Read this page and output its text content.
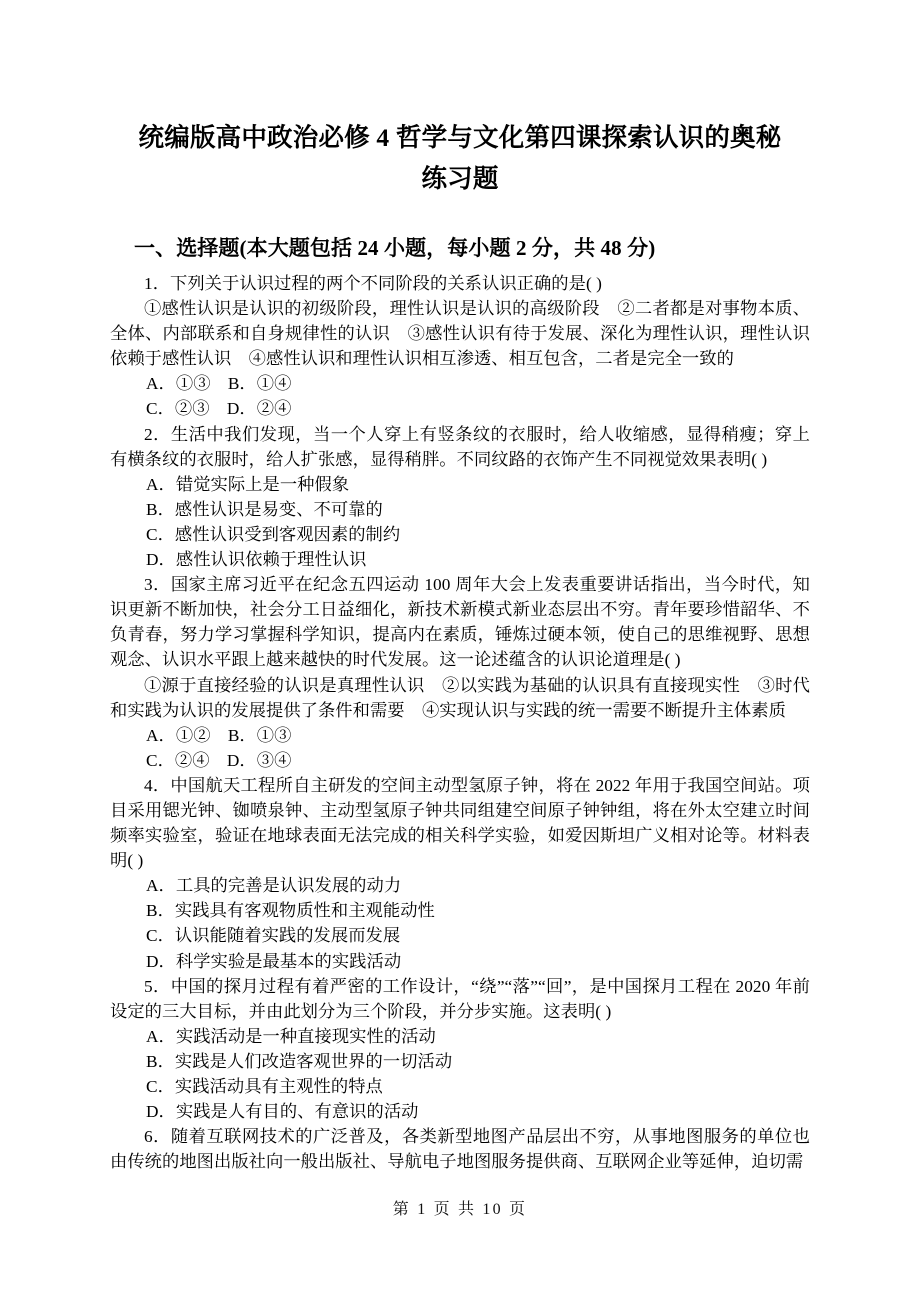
统编版高中政治必修 4 哲学与文化第四课探索认识的奥秘练习题
一、选择题(本大题包括 24 小题，每小题 2 分，共 48 分)

1．下列关于认识过程的两个不同阶段的关系认识正确的是( )

①感性认识是认识的初级阶段，理性认识是认识的高级阶段　②二者都是对事物本质、全体、内部联系和自身规律性的认识　③感性认识有待于发展、深化为理性认识，理性认识依赖于感性认识　④感性认识和理性认识相互渗透、相互包含，二者是完全一致的

A．①③　B．①④

C．②③　D．②④

2．生活中我们发现，当一个人穿上有竖条纹的衣服时，给人收缩感，显得稍瘦；穿上有横条纹的衣服时，给人扩张感，显得稍胖。不同纹路的衣饰产生不同视觉效果表明( )

A．错觉实际上是一种假象

B．感性认识是易变、不可靠的

C．感性认识受到客观因素的制约

D．感性认识依赖于理性认识

3．国家主席习近平在纪念五四运动 100 周年大会上发表重要讲话指出，当今时代，知识更新不断加快，社会分工日益细化，新技术新模式新业态层出不穷。青年要珍惜韶华、不负青春，努力学习掌握科学知识，提高内在素质，锤炼过硬本领，使自己的思维视野、思想观念、认识水平跟上越来越快的时代发展。这一论述蕴含的认识论道理是( )

①源于直接经验的认识是真理性认识　②以实践为基础的认识具有直接现实性　③时代和实践为认识的发展提供了条件和需要　④实现认识与实践的统一需要不断提升主体素质

A．①②　B．①③

C．②④　D．③④

4．中国航天工程所自主研发的空间主动型氢原子钟，将在 2022 年用于我国空间站。项目采用锶光钟、铷喷泉钟、主动型氢原子钟共同组建空间原子钟钟组，将在外太空建立时间频率实验室，验证在地球表面无法完成的相关科学实验，如爱因斯坦广义相对论等。材料表明( )

A．工具的完善是认识发展的动力

B．实践具有客观物质性和主观能动性

C．认识能随着实践的发展而发展

D．科学实验是最基本的实践活动

5．中国的探月过程有着严密的工作设计，“绕”“落”“回”，是中国探月工程在 2020 年前设定的三大目标，并由此划分为三个阶段，并分步实施。这表明( )

A．实践活动是一种直接现实性的活动

B．实践是人们改造客观世界的一切活动

C．实践活动具有主观性的特点

D．实践是人有目的、有意识的活动

6．随着互联网技术的广泛普及，各类新型地图产品层出不穷，从事地图服务的单位也由传统的地图出版社向一般出版社、导航电子地图服务提供商、互联网企业等延伸，迫切需

第 1 页 共 10 页
